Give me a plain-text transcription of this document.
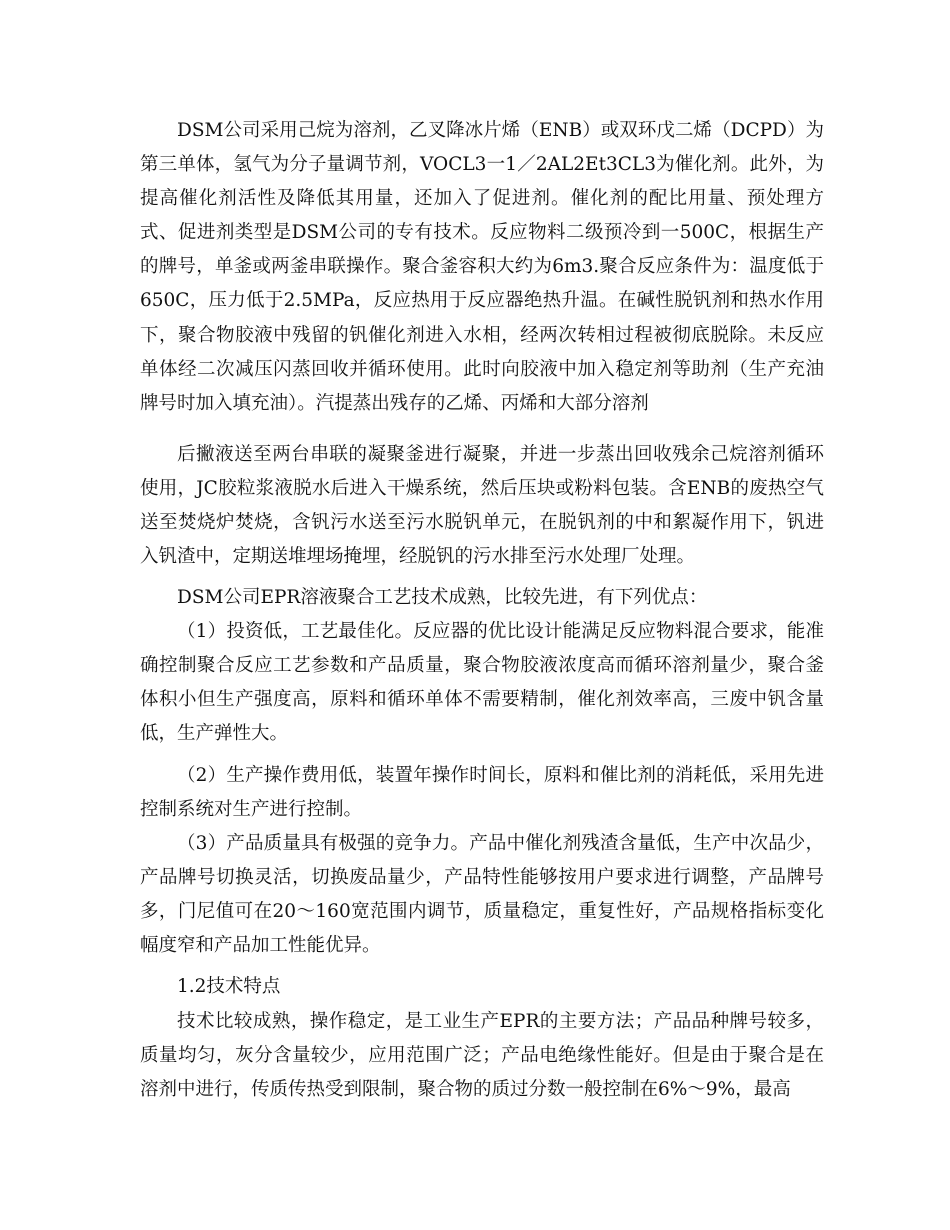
DSM公司采用己烷为溶剂，乙叉降冰片烯（ENB）或双环戊二烯（DCPD）为第三单体，氢气为分子量调节剂，VOCL3一1／2AL2Et3CL3为催化剂。此外，为提高催化剂活性及降低其用量，还加入了促进剂。催化剂的配比用量、预处理方式、促进剂类型是DSM公司的专有技术。反应物料二级预冷到一500C，根据生产的牌号，单釜或两釜串联操作。聚合釜容积大约为6m3.聚合反应条件为：温度低于650C，压力低于2.5MPa，反应热用于反应器绝热升温。在碱性脱钒剂和热水作用下，聚合物胶液中残留的钒催化剂进入水相，经两次转相过程被彻底脱除。未反应单体经二次减压闪蒸回收并循环使用。此时向胶液中加入稳定剂等助剂（生产充油牌号时加入填充油）。汽提蒸出残存的乙烯、丙烯和大部分溶剂

后撇液送至两台串联的凝聚釜进行凝聚，并进一步蒸出回收残余己烷溶剂循环使用，JC胶粒浆液脱水后进入干燥系统，然后压块或粉料包装。含ENB的废热空气送至焚烧炉焚烧，含钒污水送至污水脱钒单元，在脱钒剂的中和絮凝作用下，钒进入钒渣中，定期送堆埋场掩埋，经脱钒的污水排至污水处理厂处理。

DSM公司EPR溶液聚合工艺技术成熟，比较先进，有下列优点：

（1）投资低，工艺最佳化。反应器的优比设计能满足反应物料混合要求，能准确控制聚合反应工艺参数和产品质量，聚合物胶液浓度高而循环溶剂量少，聚合釜体积小但生产强度高，原料和循环单体不需要精制，催化剂效率高，三废中钒含量低，生产弹性大。

（2）生产操作费用低，装置年操作时间长，原料和催比剂的消耗低，采用先进控制系统对生产进行控制。

（3）产品质量具有极强的竞争力。产品中催化剂残渣含量低，生产中次品少，产品牌号切换灵活，切换废品量少，产品特性能够按用户要求进行调整，产品牌号多，门尼值可在20～160宽范围内调节，质量稳定，重复性好，产品规格指标变化幅度窄和产品加工性能优异。

1.2技术特点

技术比较成熟，操作稳定，是工业生产EPR的主要方法；产品品种牌号较多，质量均匀，灰分含量较少，应用范围广泛；产品电绝缘性能好。但是由于聚合是在溶剂中进行，传质传热受到限制，聚合物的质过分数一般控制在6%～9%，最高
